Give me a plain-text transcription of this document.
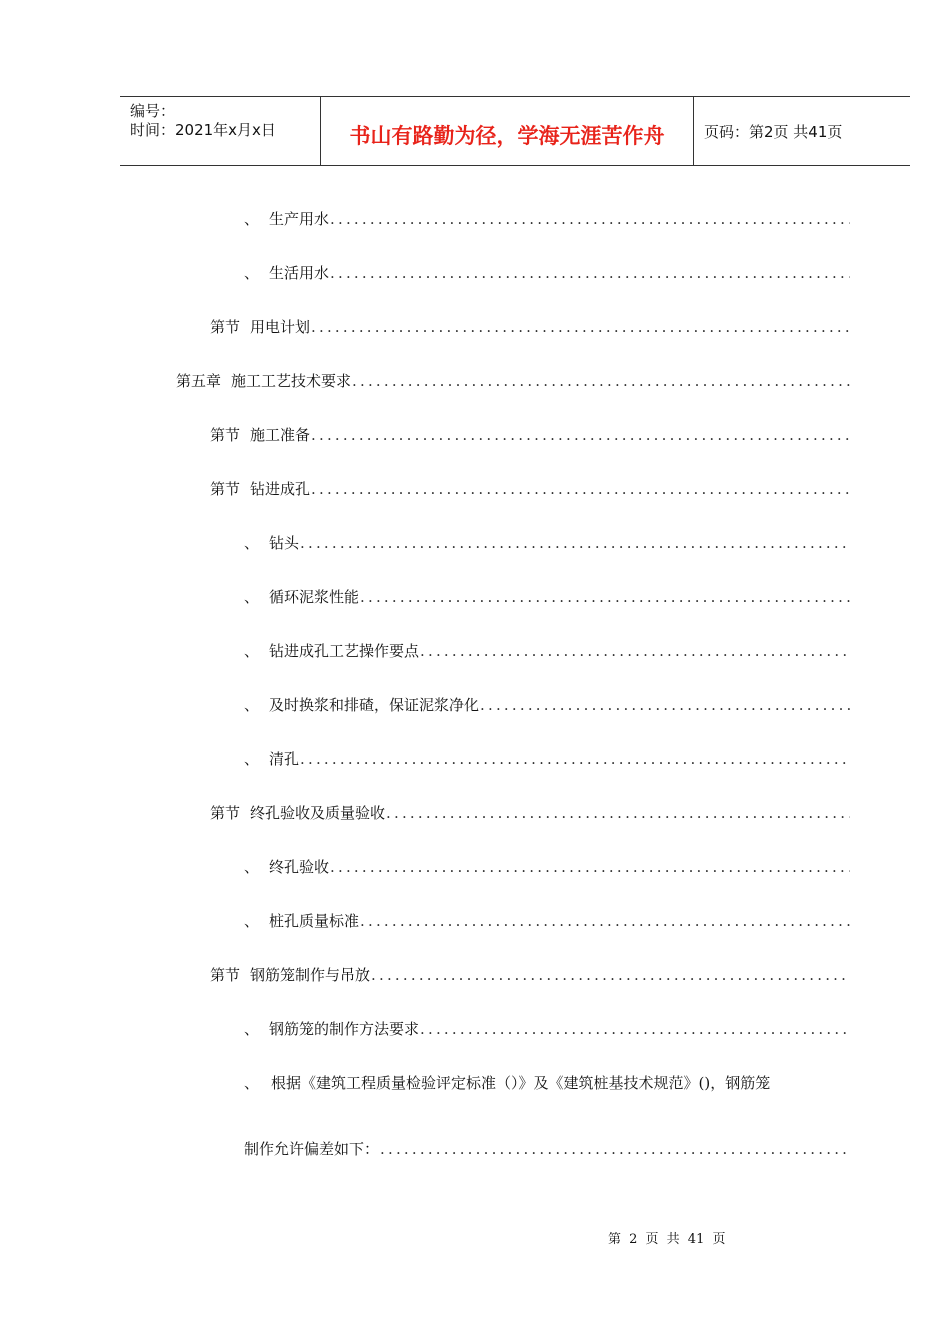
编号：
时间：2021年x月x日	书山有路勤为径，学海无涯苦作舟	页码：第2页 共41页
、 生产用水
.....
、 生活用水
.....
第节 用电计划
.....
第五章 施工工艺技术要求
.....
第节 施工准备
.....
第节 钻进成孔
.....
、 钻头
.....
、 循环泥浆性能
.....
、 钻进成孔工艺操作要点
.....
、 及时换浆和排碴，保证泥浆净化
.....
、 清孔
.....
第节 终孔验收及质量验收
.....
、 终孔验收
.....
、 桩孔质量标准
.....
第节 钢筋笼制作与吊放
.....
、 钢筋笼的制作方法要求
.....
、 根据《建筑工程质量检验评定标准（）》及《建筑桩基技术规范》()，钢筋笼
制作允许偏差如下：
.....
第 2 页 共 41 页
